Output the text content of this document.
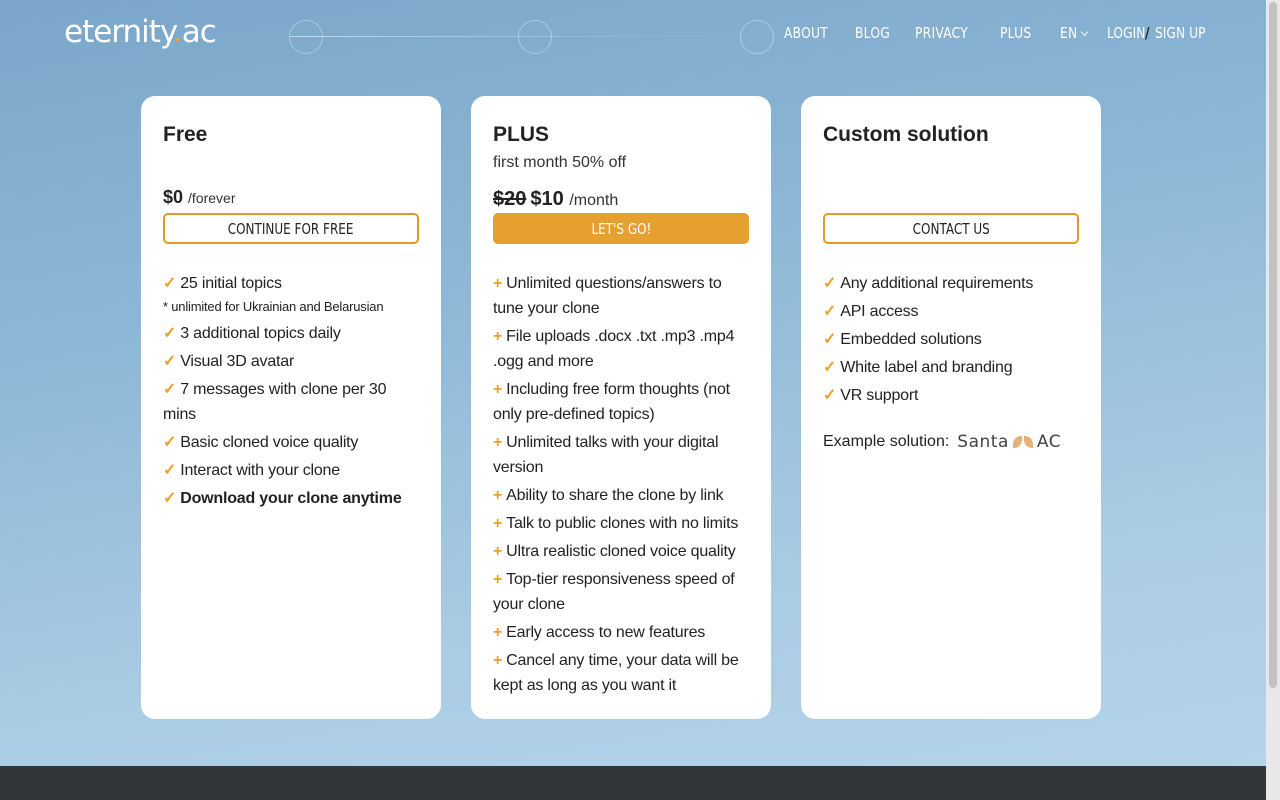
eternity.ac	ABOUT BLOG PRIVACY PLUS	EN LOGIN / SIGN UP
Free
$0 /forever
CONTINUE FOR FREE
✓ 25 initial topics
* unlimited for Ukrainian and Belarusian
✓ 3 additional topics daily
✓ Visual 3D avatar
✓ 7 messages with clone per 30 mins
✓ Basic cloned voice quality
✓ Interact with your clone
✓ Download your clone anytime
PLUS
first month 50% off
$20 $10 /month
LET'S GO!
+ Unlimited questions/answers to tune your clone
+ File uploads .docx .txt .mp3 .mp4 .ogg and more
+ Including free form thoughts (not only pre-defined topics)
+ Unlimited talks with your digital version
+ Ability to share the clone by link
+ Talk to public clones with no limits
+ Ultra realistic cloned voice quality
+ Top-tier responsiveness speed of your clone
+ Early access to new features
+ Cancel any time, your data will be kept as long as you want it
Custom solution
CONTACT US
✓ Any additional requirements
✓ API access
✓ Embedded solutions
✓ White label and branding
✓ VR support
Example solution: Santa AC
